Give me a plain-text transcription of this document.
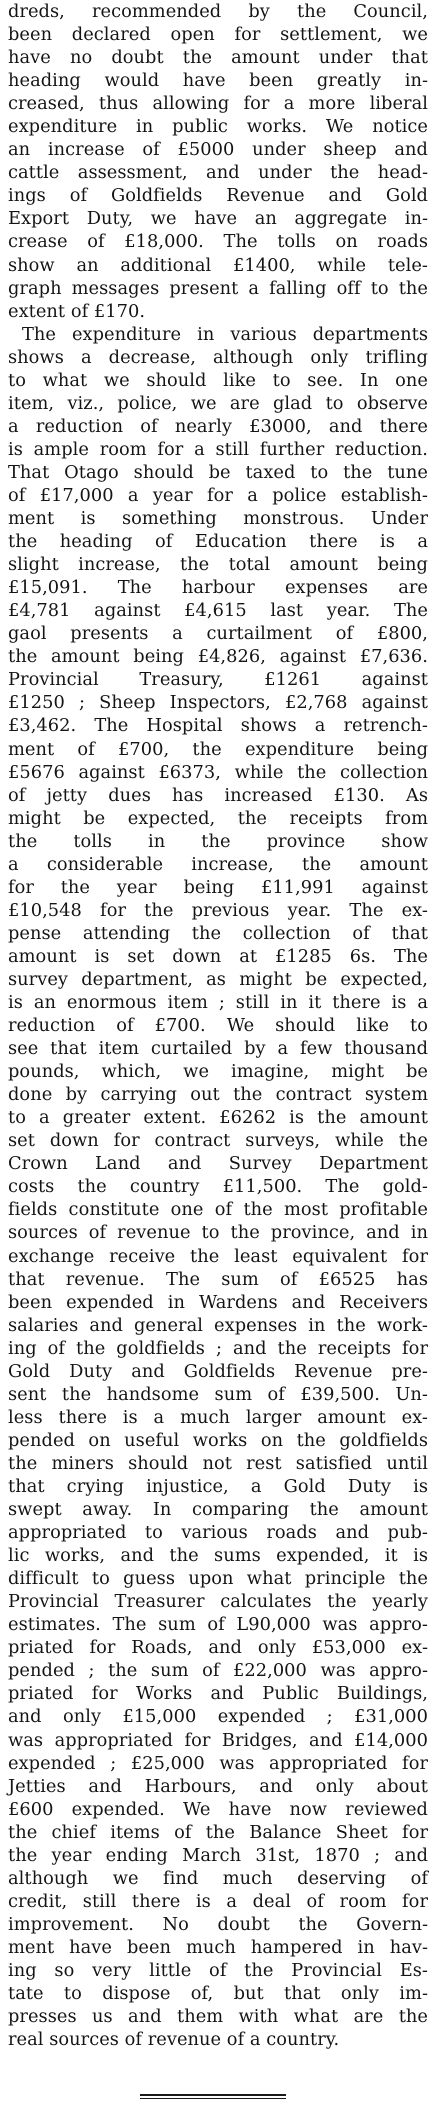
dreds, recommended by the Council,
been declared open for settlement, we
have no doubt the amount under that
heading would have been greatly in-
creased, thus allowing for a more liberal
expenditure in public works. We notice
an increase of £5000 under sheep and
cattle assessment, and under the head-
ings of Goldfields Revenue and Gold
Export Duty, we have an aggregate in-
crease of £18,000. The tolls on roads
show an additional £1400, while tele-
graph messages present a falling off to the
extent of £170.
The expenditure in various departments
shows a decrease, although only trifling
to what we should like to see. In one
item, viz., police, we are glad to observe
a reduction of nearly £3000, and there
is ample room for a still further reduction.
That Otago should be taxed to the tune
of £17,000 a year for a police establish-
ment is something monstrous. Under
the heading of Education there is a
slight increase, the total amount being
£15,091. The harbour expenses are
£4,781 against £4,615 last year. The
gaol presents a curtailment of £800,
the amount being £4,826, against £7,636.
Provincial Treasury, £1261 against
£1250 ; Sheep Inspectors, £2,768 against
£3,462. The Hospital shows a retrench-
ment of £700, the expenditure being
£5676 against £6373, while the collection
of jetty dues has increased £130. As
might be expected, the receipts from
the tolls in the province show
a considerable increase, the amount
for the year being £11,991 against
£10,548 for the previous year. The ex-
pense attending the collection of that
amount is set down at £1285 6s. The
survey department, as might be expected,
is an enormous item ; still in it there is a
reduction of £700. We should like to
see that item curtailed by a few thousand
pounds, which, we imagine, might be
done by carrying out the contract system
to a greater extent. £6262 is the amount
set down for contract surveys, while the
Crown Land and Survey Department
costs the country £11,500. The gold-
fields constitute one of the most profitable
sources of revenue to the province, and in
exchange receive the least equivalent for
that revenue. The sum of £6525 has
been expended in Wardens and Receivers
salaries and general expenses in the work-
ing of the goldfields ; and the receipts for
Gold Duty and Goldfields Revenue pre-
sent the handsome sum of £39,500. Un-
less there is a much larger amount ex-
pended on useful works on the goldfields
the miners should not rest satisfied until
that crying injustice, a Gold Duty is
swept away. In comparing the amount
appropriated to various roads and pub-
lic works, and the sums expended, it is
difficult to guess upon what principle the
Provincial Treasurer calculates the yearly
estimates. The sum of L90,000 was appro-
priated for Roads, and only £53,000 ex-
pended ; the sum of £22,000 was appro-
priated for Works and Public Buildings,
and only £15,000 expended ; £31,000
was appropriated for Bridges, and £14,000
expended ; £25,000 was appropriated for
Jetties and Harbours, and only about
£600 expended. We have now reviewed
the chief items of the Balance Sheet for
the year ending March 31st, 1870 ; and
although we find much deserving of
credit, still there is a deal of room for
improvement. No doubt the Govern-
ment have been much hampered in hav-
ing so very little of the Provincial Es-
tate to dispose of, but that only im-
presses us and them with what are the
real sources of revenue of a country.
